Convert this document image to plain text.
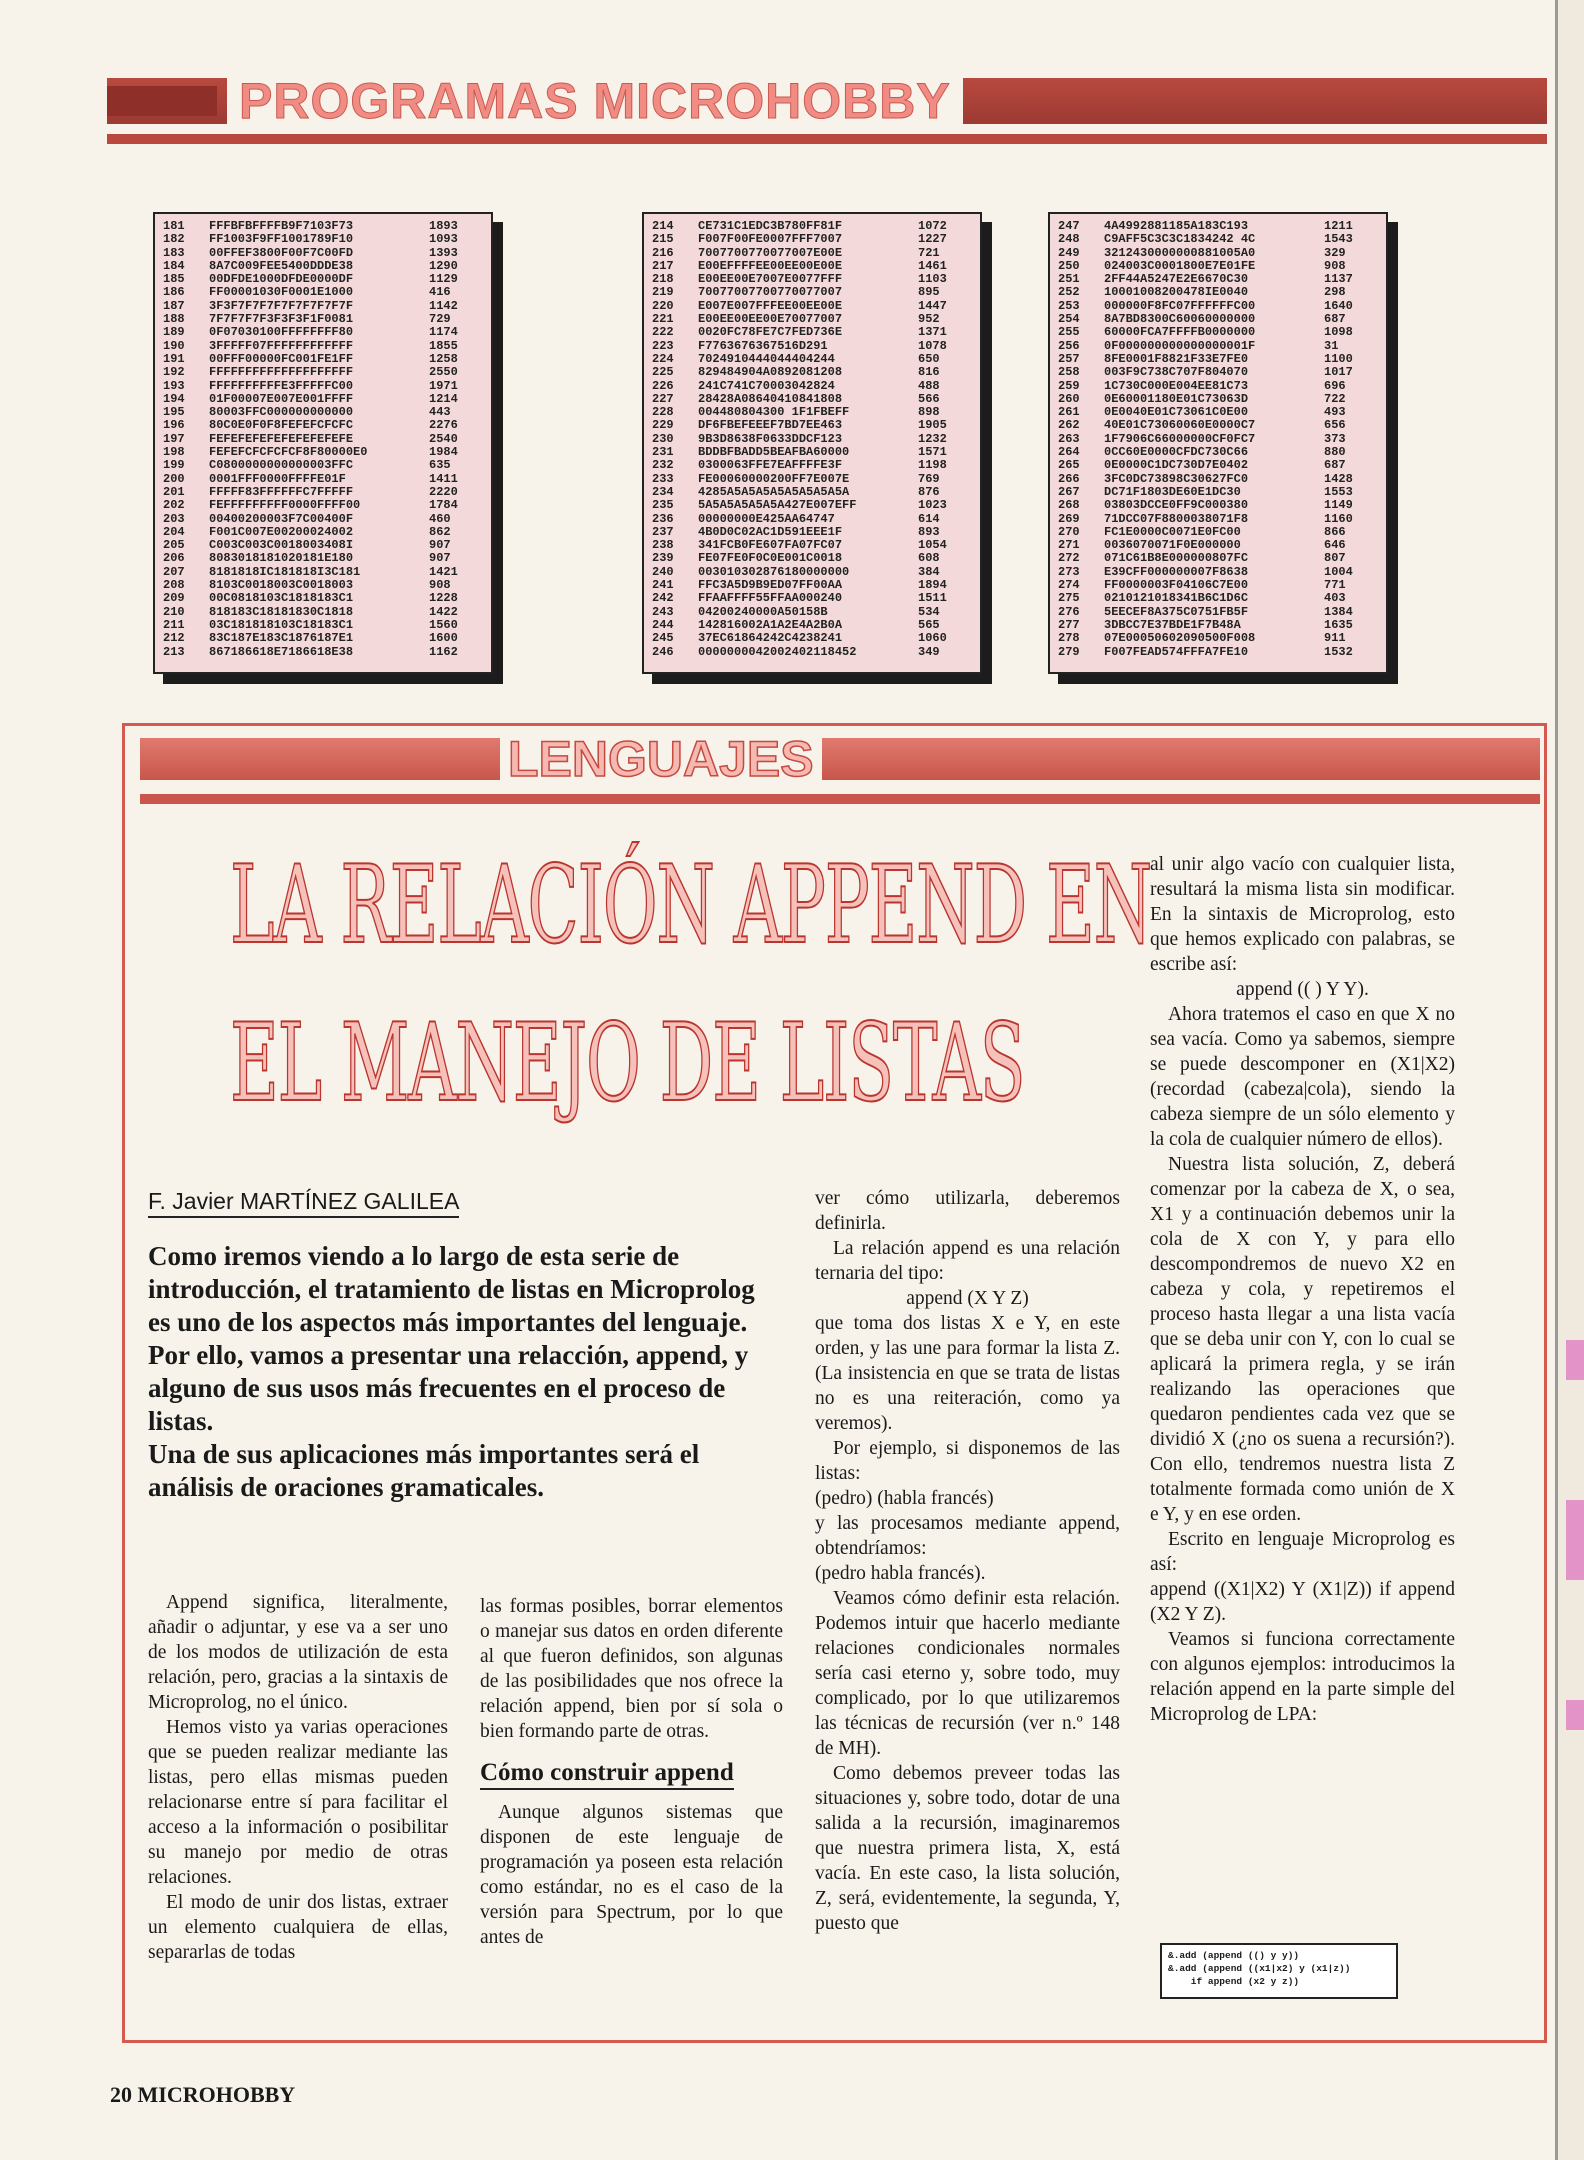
PROGRAMAS MICROHOBBY
181	FFFBFBFFFFB9F7103F73	1893
182	FF1003F9FF1001789F10	1093
183	00FFEF3800F00F7C00FD	1393
184	8A7C009FEE5400DDDE38	1290
185	00DFDE1000DFDE0000DF	1129
186	FF00001030F0001E1000	416
187	3F3F7F7F7F7F7F7F7F7F	1142
188	7F7F7F7F3F3F3F1F0081	729
189	0F07030100FFFFFFFF80	1174
190	3FFFFF07FFFFFFFFFFFF	1855
191	00FFF00000FC001FE1FF	1258
192	FFFFFFFFFFFFFFFFFFFF	2550
193	FFFFFFFFFFE3FFFFFC00	1971
194	01F00007E007E001FFFF	1214
195	80003FFC000000000000	443
196	80C0E0F0F8FEFEFCFCFC	2276
197	FEFEFEFEFEFEFEFEFEFE	2540
198	FEFEFCFCFCFCF8F80000E0	1984
199	C0800000000000003FFC	635
200	0001FFF0000FFFFE01F	1411
201	FFFFF83FFFFFFC7FFFFF	2220
202	FEFFFFFFFFF0000FFFF00	1784
203	00400200003F7C00400F	460
204	F001C007E00200024002	862
205	C003C003C0018003408I	907
206	8083018181020181E180	907
207	8181818IC181818I3C181	1421
208	8103C0018003C0018003	908
209	00C0818103C1818183C1	1228
210	818183C18181830C1818	1422
211	03C181818103C18183C1	1560
212	83C187E183C1876187E1	1600
213	867186618E7186618E38	1162
214	CE731C1EDC3B780FF81F	1072
215	F007F00FE0007FFF7007	1227
216	7007700770077007E00E	721
217	E00EFFFFEE00EE00E00E	1461
218	E00EE00E7007E0077FFF	1103
219	70077007700770077007	895
220	E007E007FFFEE00EE00E	1447
221	E00EE00EE00E70077007	952
222	0020FC78FE7C7FED736E	1371
223	F7763676367516D291	1078
224	7024910444044404244	650
225	829484904A0892081208	816
226	241C741C70003042824	488
227	28428A08640410841808	566
228	004480804300 1F1FBEFF	898
229	DF6FBEFEEEF7BD7EE463	1905
230	9B3D8638F0633DDCF123	1232
231	BDDBFBADD5BEAFBA60000	1571
232	0300063FFE7EAFFFFE3F	1198
233	FE00060000200FF7E007E	769
234	4285A5A5A5A5A5A5A5A5A	876
235	5A5A5A5A5A5A427E007EFF	1023
236	00000000E425AA64747	614
237	4B0D0C02AC1D591EEE1F	893
238	341FCB0FE607FA07FC07	1054
239	FE07FE0F0C0E001C0018	608
240	003010302876180000000	384
241	FFC3A5D9B9ED07FF00AA	1894
242	FFAAFFFF55FFAA000240	1511
243	04200240000A50158B	534
244	142816002A1A2E4A2B0A	565
245	37EC61864242C4238241	1060
246	0000000042002402118452	349
247	4A4992881185A183C193	1211
248	C9AFF5C3C3C1834242 4C	1543
249	3212430000000881005A0	329
250	024003C0001800E7E01FE	908
251	2FF44A5247E2E6670C30	1137
252	10001008200478IE0040	298
253	000000F8FC07FFFFFFC00	1640
254	8A7BD8300C60060000000	687
255	60000FCA7FFFFB0000000	1098
256	0F000000000000000001F	31
257	8FE0001F8821F33E7FE0	1100
258	003F9C738C707F804070	1017
259	1C730C000E004EE81C73	696
260	0E60001180E01C73063D	722
261	0E0040E01C73061C0E00	493
262	40E01C73060060E0000C7	656
263	1F7906C66000000CF0FC7	373
264	0CC60E0000CFDC730C66	880
265	0E0000C1DC730D7E0402	687
266	3FC0DC73898C30627FC0	1428
267	DC71F1803DE60E1DC30	1553
268	03803DCCE0FF9C000380	1149
269	71DCC07F8800038071F8	1160
270	FC1E0000C0071E0FC00	866
271	0036070071F0E000000	646
272	071C61B8E000000807FC	807
273	E39CFF000000007F8638	1004
274	FF0000003F04106C7E00	771
275	0210121018341B6C1D6C	403
276	5EECEF8A375C0751FB5F	1384
277	3DBCC7E37BDE1F7B48A	1635
278	07E00050602090500F008	911
279	F007FEAD574FFFA7FE10	1532
LENGUAJES
LA RELACIÓN APPEND EN
EL MANEJO DE LISTAS
F. Javier MARTÍNEZ GALILEA

Como iremos viendo a lo largo de esta serie de introducción, el tratamiento de listas en Microprolog es uno de los aspectos más importantes del lenguaje.

Por ello, vamos a presentar una relacción, append, y alguno de sus usos más frecuentes en el proceso de listas.

Una de sus aplicaciones más importantes será el análisis de oraciones gramaticales.

Append significa, literalmente, añadir o adjuntar, y ese va a ser uno de los modos de utilización de esta relación, pero, gracias a la sintaxis de Microprolog, no el único.

Hemos visto ya varias operaciones que se pueden realizar mediante las listas, pero ellas mismas pueden relacionarse entre sí para facilitar el acceso a la información o posibilitar su manejo por medio de otras relaciones.

El modo de unir dos listas, extraer un elemento cualquiera de ellas, separarlas de todas

las formas posibles, borrar elementos o manejar sus datos en orden diferente al que fueron definidos, son algunas de las posibilidades que nos ofrece la relación append, bien por sí sola o bien formando parte de otras.

Cómo construir append

Aunque algunos sistemas que disponen de este lenguaje de programación ya poseen esta relación como estándar, no es el caso de la versión para Spectrum, por lo que antes de

ver cómo utilizarla, deberemos definirla.

La relación append es una relación ternaria del tipo:

append (X Y Z)

que toma dos listas X e Y, en este orden, y las une para formar la lista Z. (La insistencia en que se trata de listas no es una reiteración, como ya veremos).

Por ejemplo, si disponemos de las listas:

(pedro) (habla francés)

y las procesamos mediante append, obtendríamos:

(pedro habla francés).

Veamos cómo definir esta relación. Podemos intuir que hacerlo mediante relaciones condicionales normales sería casi eterno y, sobre todo, muy complicado, por lo que utilizaremos las técnicas de recursión (ver n.º 148 de MH).

Como debemos preveer todas las situaciones y, sobre todo, dotar de una salida a la recursión, imaginaremos que nuestra primera lista, X, está vacía. En este caso, la lista solución, Z, será, evidentemente, la segunda, Y, puesto que

al unir algo vacío con cualquier lista, resultará la misma lista sin modificar. En la sintaxis de Microprolog, esto que hemos explicado con palabras, se escribe así:

append (( ) Y Y).

Ahora tratemos el caso en que X no sea vacía. Como ya sabemos, siempre se puede descomponer en (X1|X2) (recordad (cabeza|cola), siendo la cabeza siempre de un sólo elemento y la cola de cualquier número de ellos).

Nuestra lista solución, Z, deberá comenzar por la cabeza de X, o sea, X1 y a continuación debemos unir la cola de X con Y, y para ello descompondremos de nuevo X2 en cabeza y cola, y repetiremos el proceso hasta llegar a una lista vacía que se deba unir con Y, con lo cual se aplicará la primera regla, y se irán realizando las operaciones que quedaron pendientes cada vez que se dividió X (¿no os suena a recursión?). Con ello, tendremos nuestra lista Z totalmente formada como unión de X e Y, y en ese orden.

Escrito en lenguaje Microprolog es así:

append ((X1|X2) Y (X1|Z)) if append (X2 Y Z).

Veamos si funciona correctamente con algunos ejemplos: introducimos la relación append en la parte simple del Microprolog de LPA:

&.add (append (() y y))
&.add (append ((x1|x2) y (x1|z))
if append (x2 y z))
20 MICROHOBBY
